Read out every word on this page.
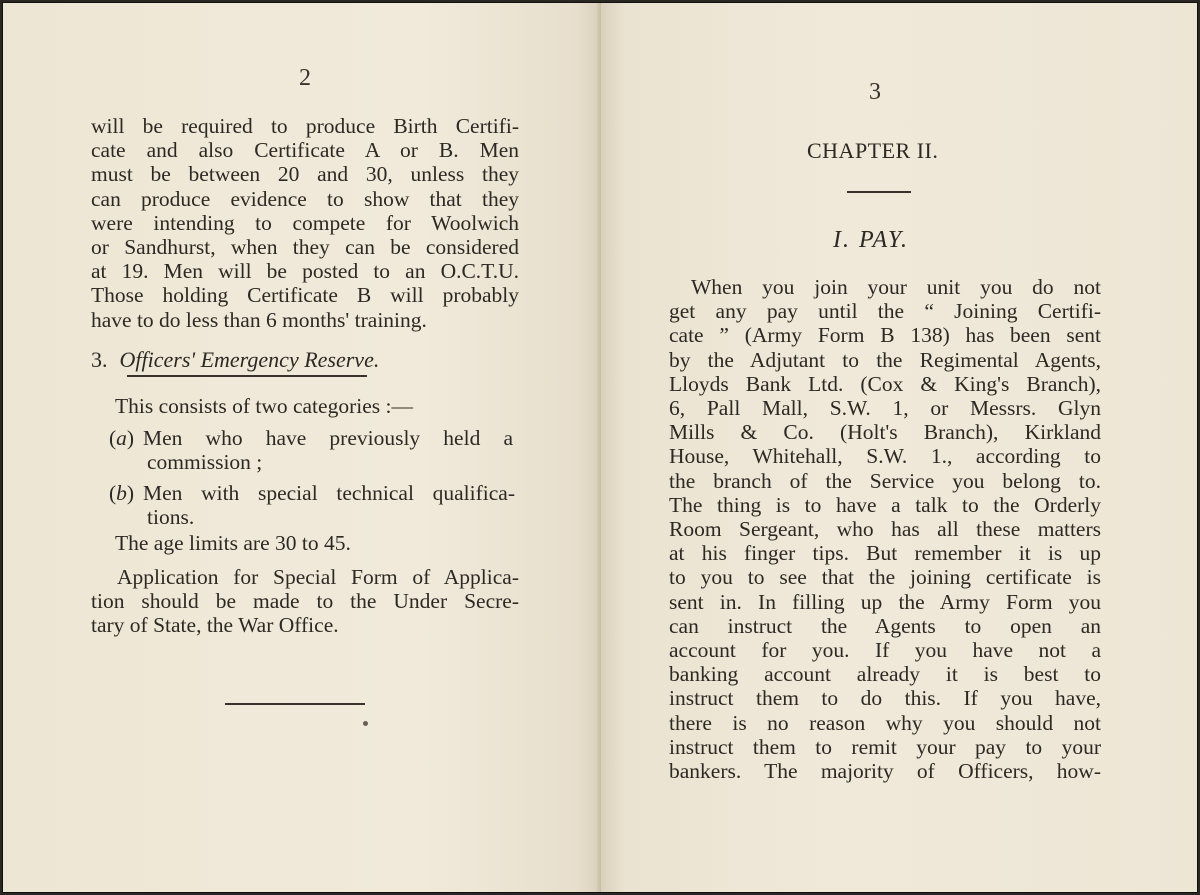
2
will be required to produce Birth Certifi-
cate and also Certificate A or B. Men
must be between 20 and 30, unless they
can produce evidence to show that they
were intending to compete for Woolwich
or Sandhurst, when they can be considered
at 19. Men will be posted to an O.C.T.U.
Those holding Certificate B will probably
have to do less than 6 months' training.
3. Officers' Emergency Reserve.
This consists of two categories :—
(a) Men who have previously held a
commission ;
(b) Men with special technical qualifica-
tions.
The age limits are 30 to 45.
Application for Special Form of Applica-
tion should be made to the Under Secre-
tary of State, the War Office.
3
CHAPTER II.
I. PAY.
When you join your unit you do not
get any pay until the “ Joining Certifi-
cate ” (Army Form B 138) has been sent
by the Adjutant to the Regimental Agents,
Lloyds Bank Ltd. (Cox & King's Branch),
6, Pall Mall, S.W. 1, or Messrs. Glyn
Mills & Co. (Holt's Branch), Kirkland
House, Whitehall, S.W. 1., according to
the branch of the Service you belong to.
The thing is to have a talk to the Orderly
Room Sergeant, who has all these matters
at his finger tips. But remember it is up
to you to see that the joining certificate is
sent in. In filling up the Army Form you
can instruct the Agents to open an
account for you. If you have not a
banking account already it is best to
instruct them to do this. If you have,
there is no reason why you should not
instruct them to remit your pay to your
bankers. The majority of Officers, how-
